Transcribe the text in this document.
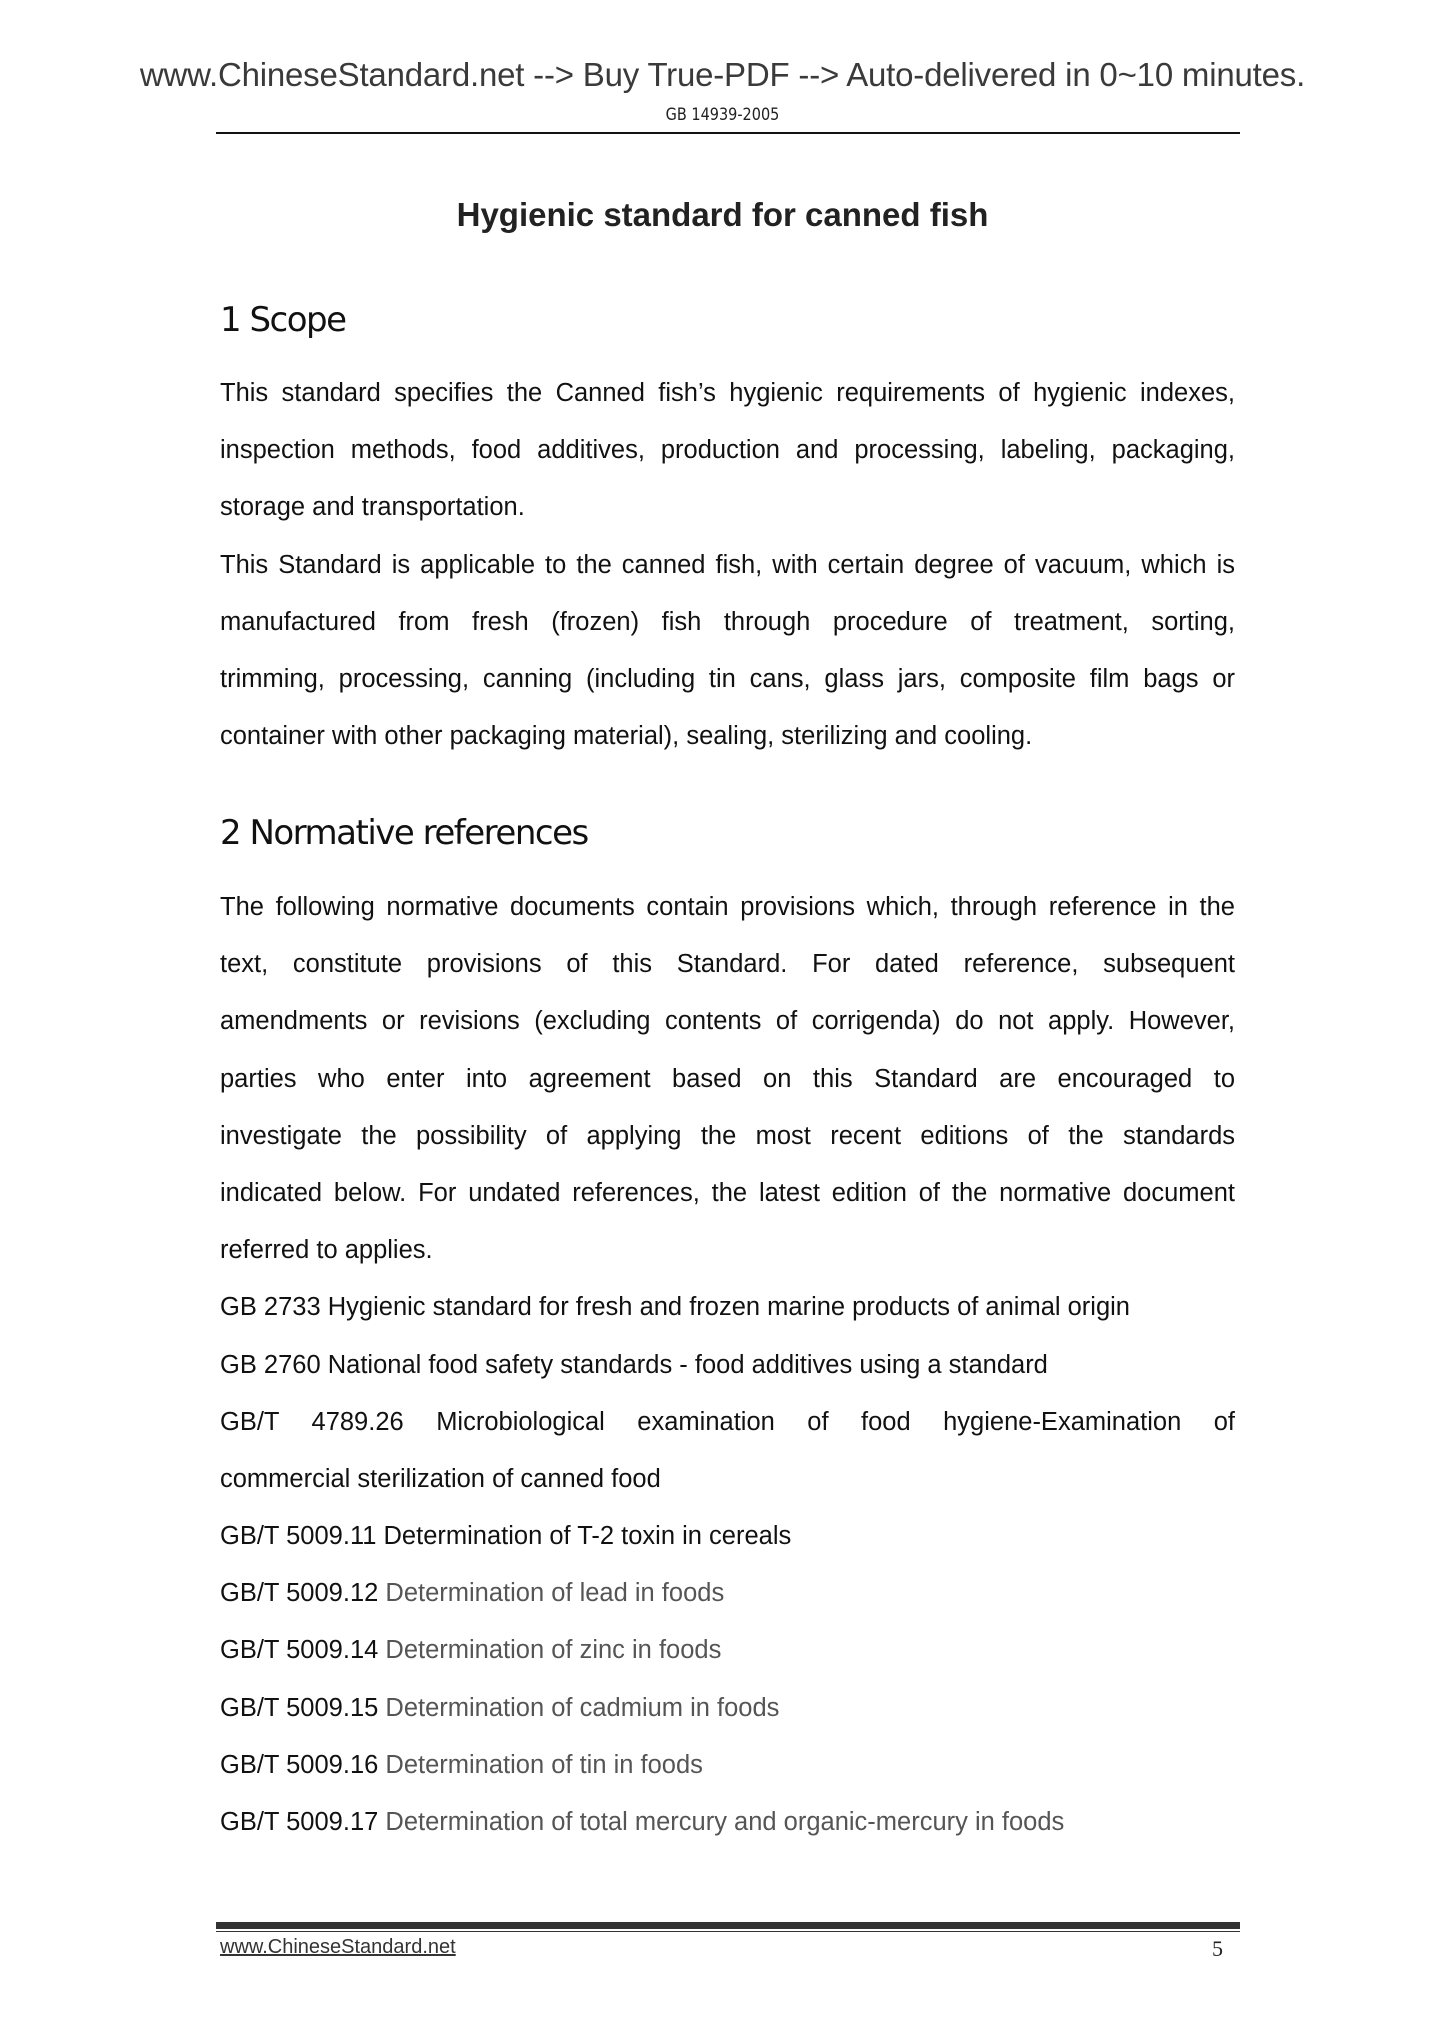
www.ChineseStandard.net --> Buy True-PDF --> Auto-delivered in 0~10 minutes.
GB 14939-2005
Hygienic standard for canned fish
1 Scope
This standard specifies the Canned fish’s hygienic requirements of hygienic indexes,
inspection methods, food additives, production and processing, labeling, packaging,
storage and transportation.
This Standard is applicable to the canned fish, with certain degree of vacuum, which is
manufactured from fresh (frozen) fish through procedure of treatment, sorting,
trimming, processing, canning (including tin cans, glass jars, composite film bags or
container with other packaging material), sealing, sterilizing and cooling.
2 Normative references
The following normative documents contain provisions which, through reference in the
text, constitute provisions of this Standard. For dated reference, subsequent
amendments or revisions (excluding contents of corrigenda) do not apply. However,
parties who enter into agreement based on this Standard are encouraged to
investigate the possibility of applying the most recent editions of the standards
indicated below. For undated references, the latest edition of the normative document
referred to applies.
GB 2733 Hygienic standard for fresh and frozen marine products of animal origin
GB 2760 National food safety standards - food additives using a standard
GB/T 4789.26 Microbiological examination of food hygiene-Examination of
commercial sterilization of canned food
GB/T 5009.11 Determination of T-2 toxin in cereals
GB/T 5009.12 Determination of lead in foods
GB/T 5009.14 Determination of zinc in foods
GB/T 5009.15 Determination of cadmium in foods
GB/T 5009.16 Determination of tin in foods
GB/T 5009.17 Determination of total mercury and organic-mercury in foods
www.ChineseStandard.net	5
